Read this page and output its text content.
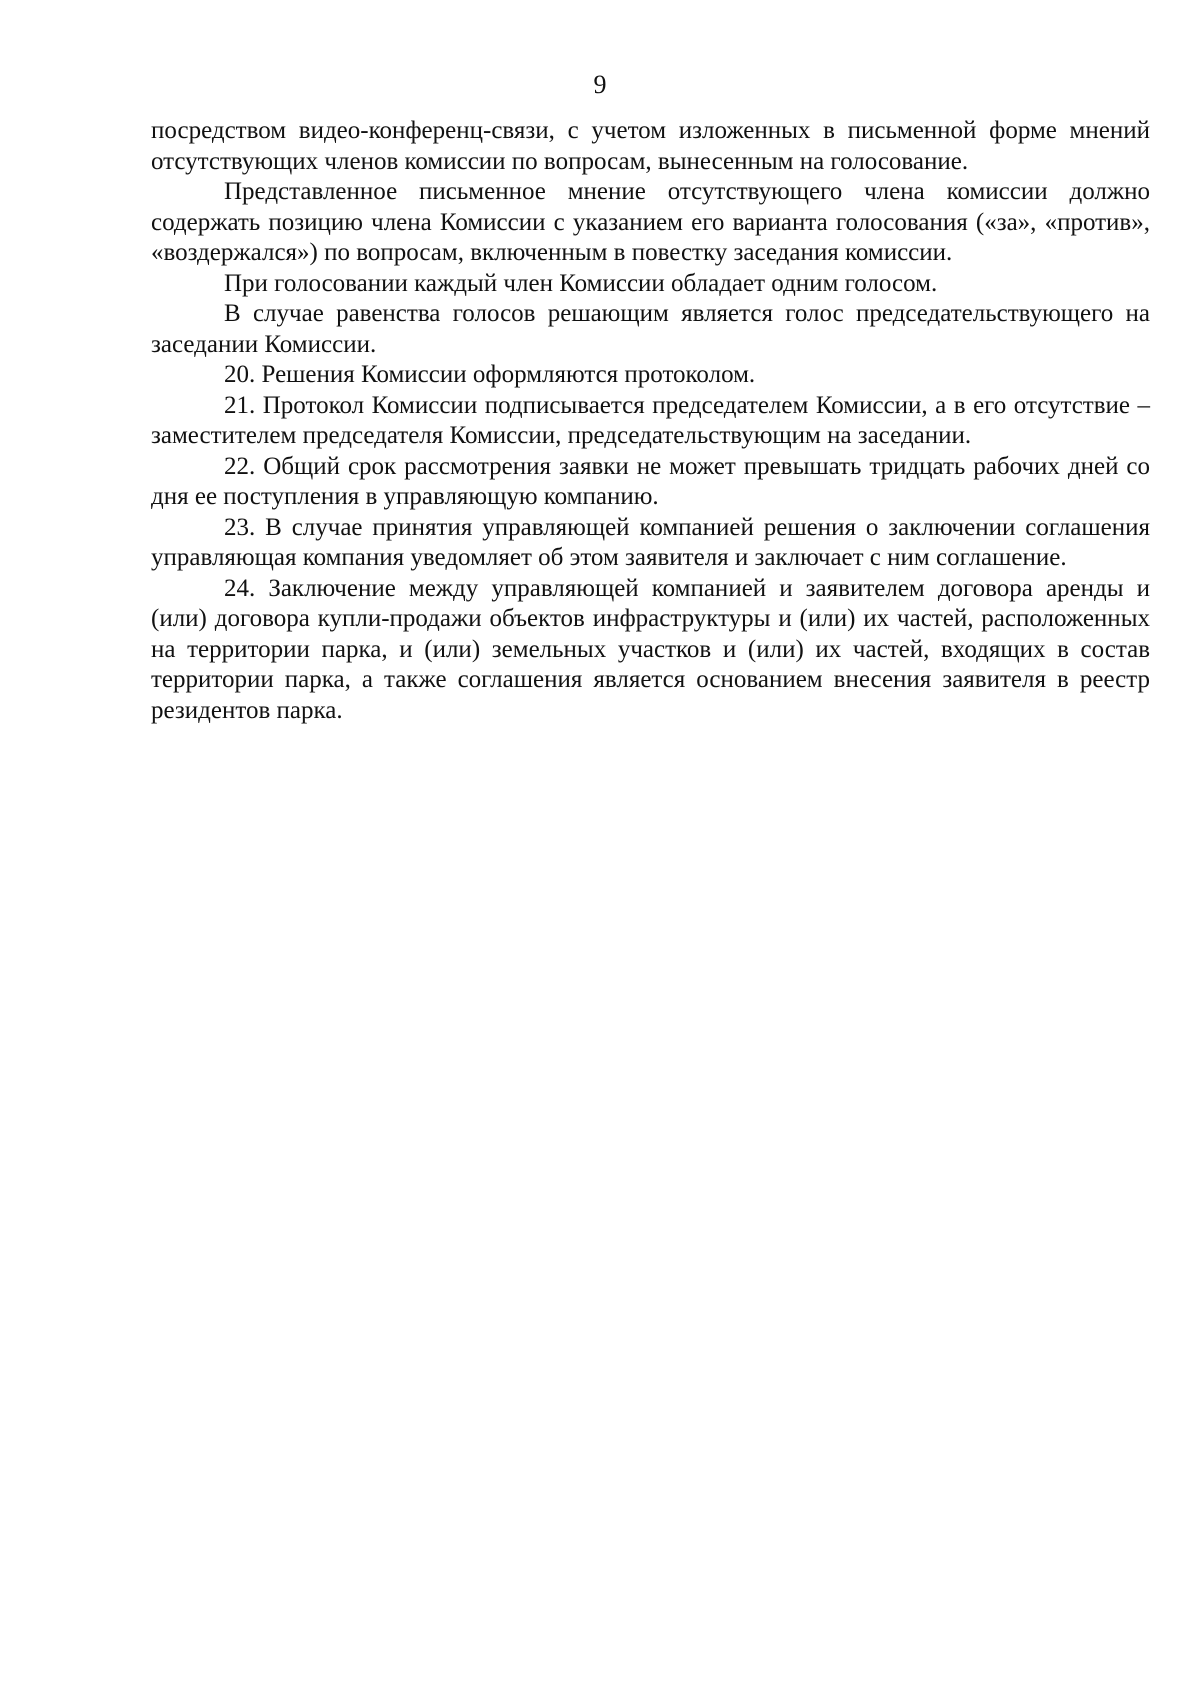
9

посредством видео-конференц-связи, с учетом изложенных в письменной форме мнений отсутствующих членов комиссии по вопросам, вынесенным на голосование.

Представленное письменное мнение отсутствующего члена комиссии должно содержать позицию члена Комиссии с указанием его варианта голосования («за», «против», «воздержался») по вопросам, включенным в повестку заседания комиссии.

При голосовании каждый член Комиссии обладает одним голосом.

В случае равенства голосов решающим является голос председательствующего на заседании Комиссии.

20. Решения Комиссии оформляются протоколом.

21. Протокол Комиссии подписывается председателем Комиссии, а в его отсутствие – заместителем председателя Комиссии, председательствующим на заседании.

22. Общий срок рассмотрения заявки не может превышать тридцать рабочих дней со дня ее поступления в управляющую компанию.

23. В случае принятия управляющей компанией решения о заключении соглашения управляющая компания уведомляет об этом заявителя и заключает с ним соглашение.

24. Заключение между управляющей компанией и заявителем договора аренды и (или) договора купли-продажи объектов инфраструктуры и (или) их частей, расположенных на территории парка, и (или) земельных участков и (или) их частей, входящих в состав территории парка, а также соглашения является основанием внесения заявителя в реестр резидентов парка.
